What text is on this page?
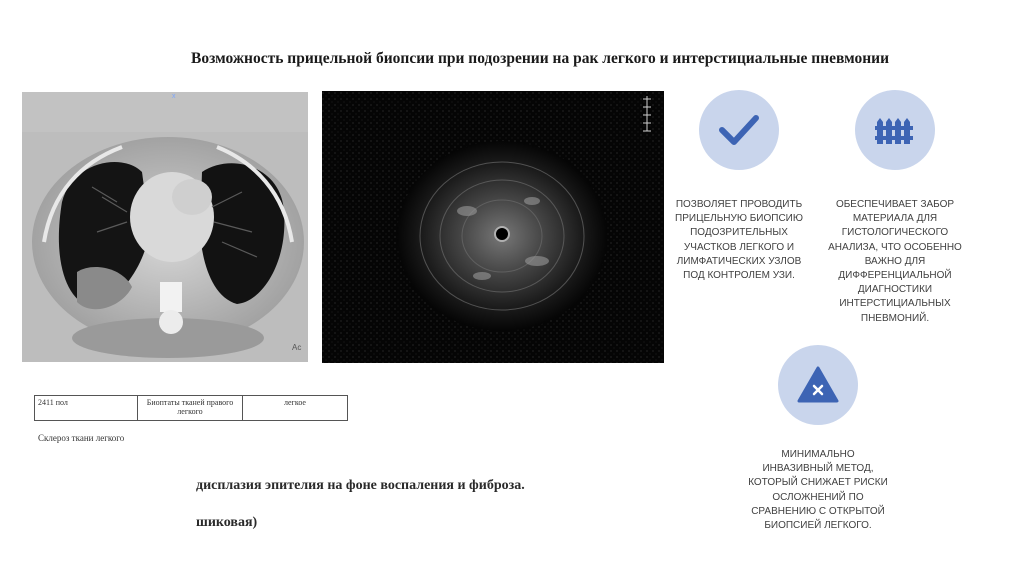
Возможность прицельной биопсии при подозрении на рак легкого и интерстициальные пневмонии
Ac
x
ПОЗВОЛЯЕТ ПРОВОДИТЬ ПРИЦЕЛЬНУЮ БИОПСИЮ ПОДОЗРИТЕЛЬНЫХ УЧАСТКОВ ЛЕГКОГО И ЛИМФАТИЧЕСКИХ УЗЛОВ ПОД КОНТРОЛЕМ УЗИ.
ОБЕСПЕЧИВАЕТ ЗАБОР МАТЕРИАЛА ДЛЯ ГИСТОЛОГИЧЕСКОГО АНАЛИЗА, ЧТО ОСОБЕННО ВАЖНО ДЛЯ ДИФФЕРЕНЦИАЛЬНОЙ ДИАГНОСТИКИ ИНТЕРСТИЦИАЛЬНЫХ ПНЕВМОНИЙ.
МИНИМАЛЬНО ИНВАЗИВНЫЙ МЕТОД, КОТОРЫЙ СНИЖАЕТ РИСКИ ОСЛОЖНЕНИЙ ПО СРАВНЕНИЮ С ОТКРЫТОЙ БИОПСИЕЙ ЛЕГКОГО.
2411 пол	Биоптаты тканей правого легкого	легкое
Склероз ткани легкого
дисплазия эпителия на фоне воспаления и фиброза.
шиковая)
